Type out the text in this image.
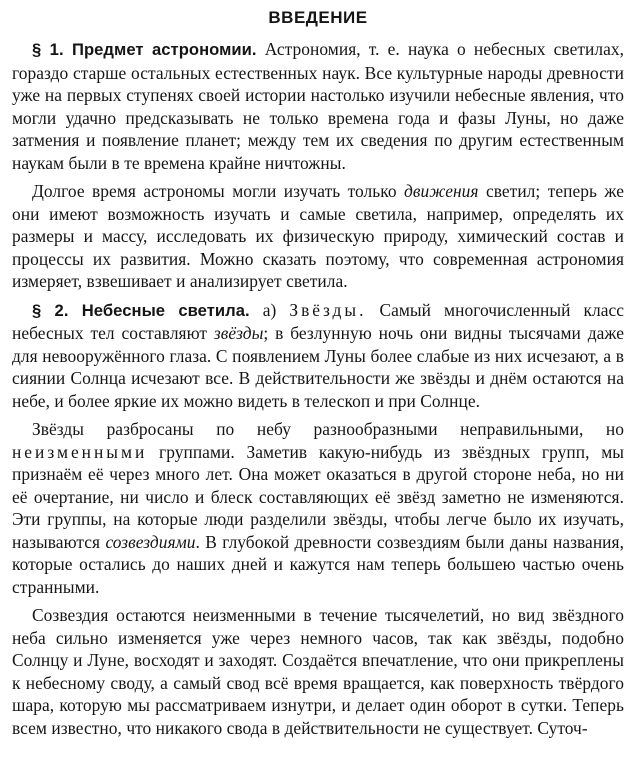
ВВЕДЕНИЕ

§ 1. Предмет астрономии. Астрономия, т. е. наука о небесных светилах, гораздо старше остальных естественных наук. Все культурные народы древности уже на первых ступенях своей истории настолько изучили небесные явления, что могли удачно предсказывать не только времена года и фазы Луны, но даже затмения и появление планет; между тем их сведения по другим естественным наукам были в те времена крайне ничтожны.

Долгое время астрономы могли изучать только движения светил; теперь же они имеют возможность изучать и самые светила, например, определять их размеры и массу, исследовать их физическую природу, химический состав и процессы их развития. Можно сказать поэтому, что современная астрономия измеряет, взвешивает и анализирует светила.

§ 2. Небесные светила. а) Звёзды. Самый многочисленный класс небесных тел составляют звёзды; в безлунную ночь они видны тысячами даже для невооружённого глаза. С появлением Луны более слабые из них исчезают, а в сиянии Солнца исчезают все. В действительности же звёзды и днём остаются на небе, и более яркие их можно видеть в телескоп и при Солнце.

Звёзды разбросаны по небу разнообразными неправильными, но неизменными группами. Заметив какую-нибудь из звёздных групп, мы признаём её через много лет. Она может оказаться в другой стороне неба, но ни её очертание, ни число и блеск составляющих её звёзд заметно не изменяются. Эти группы, на которые люди разделили звёзды, чтобы легче было их изучать, называются созвездиями. В глубокой древности созвездиям были даны названия, которые остались до наших дней и кажутся нам теперь большею частью очень странными.

Созвездия остаются неизменными в течение тысячелетий, но вид звёздного неба сильно изменяется уже через немного часов, так как звёзды, подобно Солнцу и Луне, восходят и заходят. Создаётся впечатление, что они прикреплены к небесному своду, а самый свод всё время вращается, как поверхность твёрдого шара, которую мы рассматриваем изнутри, и делает один оборот в сутки. Теперь всем известно, что никакого свода в действительности не существует. Суточ-
